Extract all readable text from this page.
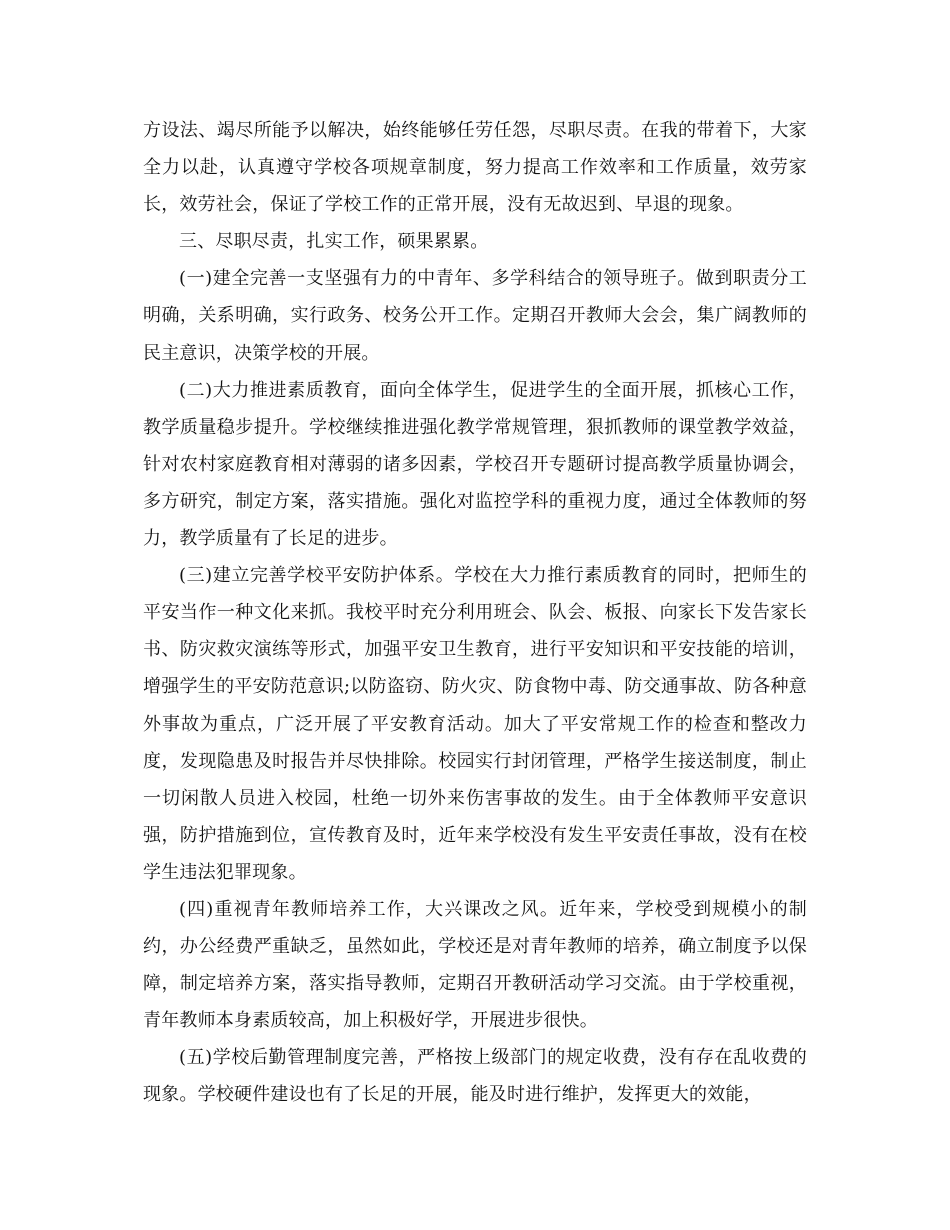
方设法、竭尽所能予以解决，始终能够任劳任怨，尽职尽责。在我的带着下，大家全力以赴，认真遵守学校各项规章制度，努力提高工作效率和工作质量，效劳家长，效劳社会，保证了学校工作的正常开展，没有无故迟到、早退的现象。

三、尽职尽责，扎实工作，硕果累累。

(一)建全完善一支坚强有力的中青年、多学科结合的领导班子。做到职责分工明确，关系明确，实行政务、校务公开工作。定期召开教师大会会，集广阔教师的民主意识，决策学校的开展。

(二)大力推进素质教育，面向全体学生，促进学生的全面开展，抓核心工作，教学质量稳步提升。学校继续推进强化教学常规管理，狠抓教师的课堂教学效益，针对农村家庭教育相对薄弱的诸多因素，学校召开专题研讨提高教学质量协调会，多方研究，制定方案，落实措施。强化对监控学科的重视力度，通过全体教师的努力，教学质量有了长足的进步。

(三)建立完善学校平安防护体系。学校在大力推行素质教育的同时，把师生的平安当作一种文化来抓。我校平时充分利用班会、队会、板报、向家长下发告家长书、防灾救灾演练等形式，加强平安卫生教育，进行平安知识和平安技能的培训，增强学生的平安防范意识;以防盗窃、防火灾、防食物中毒、防交通事故、防各种意外事故为重点，广泛开展了平安教育活动。加大了平安常规工作的检查和整改力度，发现隐患及时报告并尽快排除。校园实行封闭管理，严格学生接送制度，制止一切闲散人员进入校园，杜绝一切外来伤害事故的发生。由于全体教师平安意识强，防护措施到位，宣传教育及时，近年来学校没有发生平安责任事故，没有在校学生违法犯罪现象。

(四)重视青年教师培养工作，大兴课改之风。近年来，学校受到规模小的制约，办公经费严重缺乏，虽然如此，学校还是对青年教师的培养，确立制度予以保障，制定培养方案，落实指导教师，定期召开教研活动学习交流。由于学校重视，青年教师本身素质较高，加上积极好学，开展进步很快。

(五)学校后勤管理制度完善，严格按上级部门的规定收费，没有存在乱收费的现象。学校硬件建设也有了长足的开展，能及时进行维护，发挥更大的效能，
